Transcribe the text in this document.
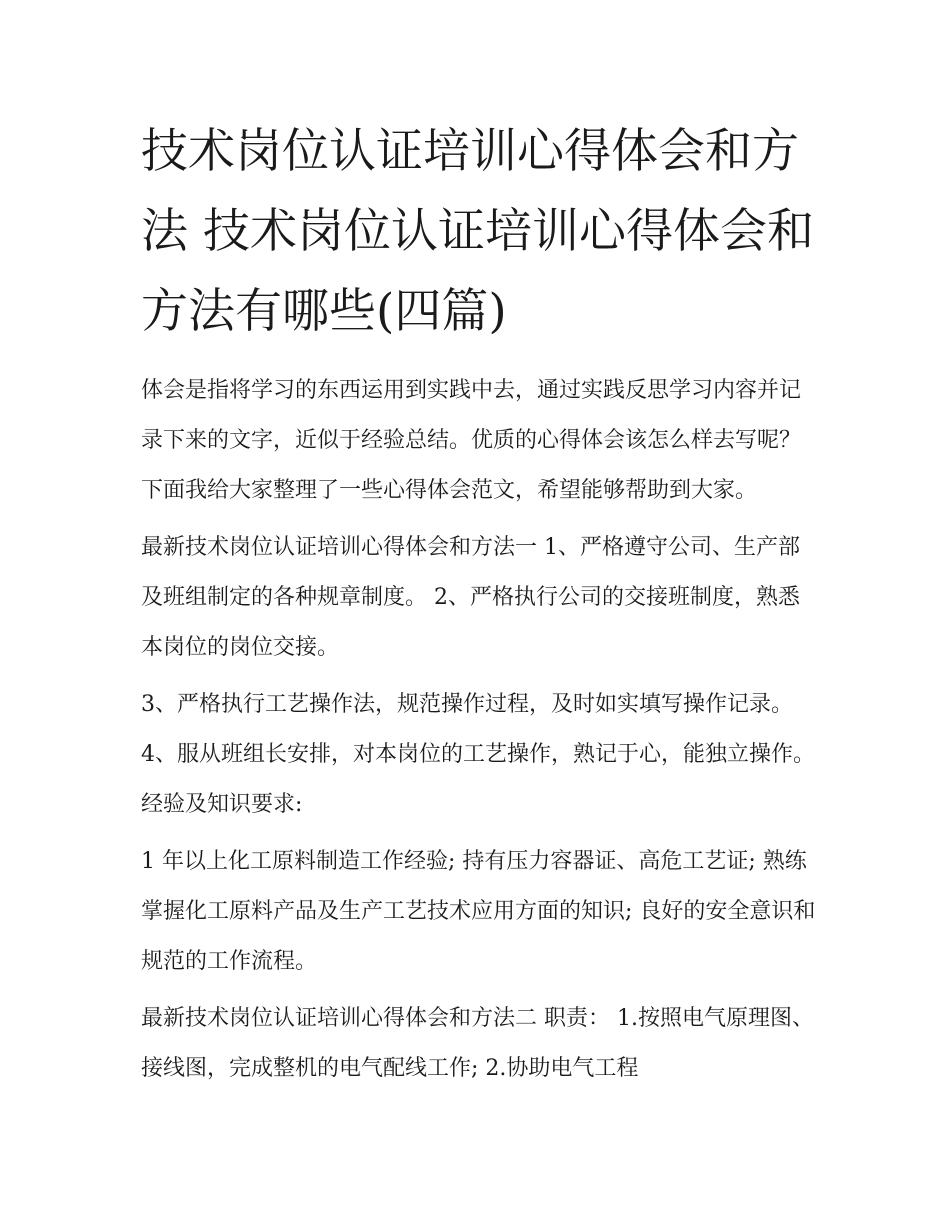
技术岗位认证培训心得体会和方法 技术岗位认证培训心得体会和方法有哪些(四篇)

体会是指将学习的东西运用到实践中去，通过实践反思学习内容并记录下来的文字，近似于经验总结。优质的心得体会该怎么样去写呢？下面我给大家整理了一些心得体会范文，希望能够帮助到大家。

最新技术岗位认证培训心得体会和方法一 1、严格遵守公司、生产部及班组制定的各种规章制度。 2、严格执行公司的交接班制度，熟悉本岗位的岗位交接。

3、严格执行工艺操作法，规范操作过程，及时如实填写操作记录。 4、服从班组长安排，对本岗位的工艺操作，熟记于心，能独立操作。 经验及知识要求:

1 年以上化工原料制造工作经验; 持有压力容器证、高危工艺证; 熟练掌握化工原料产品及生产工艺技术应用方面的知识; 良好的安全意识和规范的工作流程。

最新技术岗位认证培训心得体会和方法二 职责： 1.按照电气原理图、接线图，完成整机的电气配线工作; 2.协助电气工程
